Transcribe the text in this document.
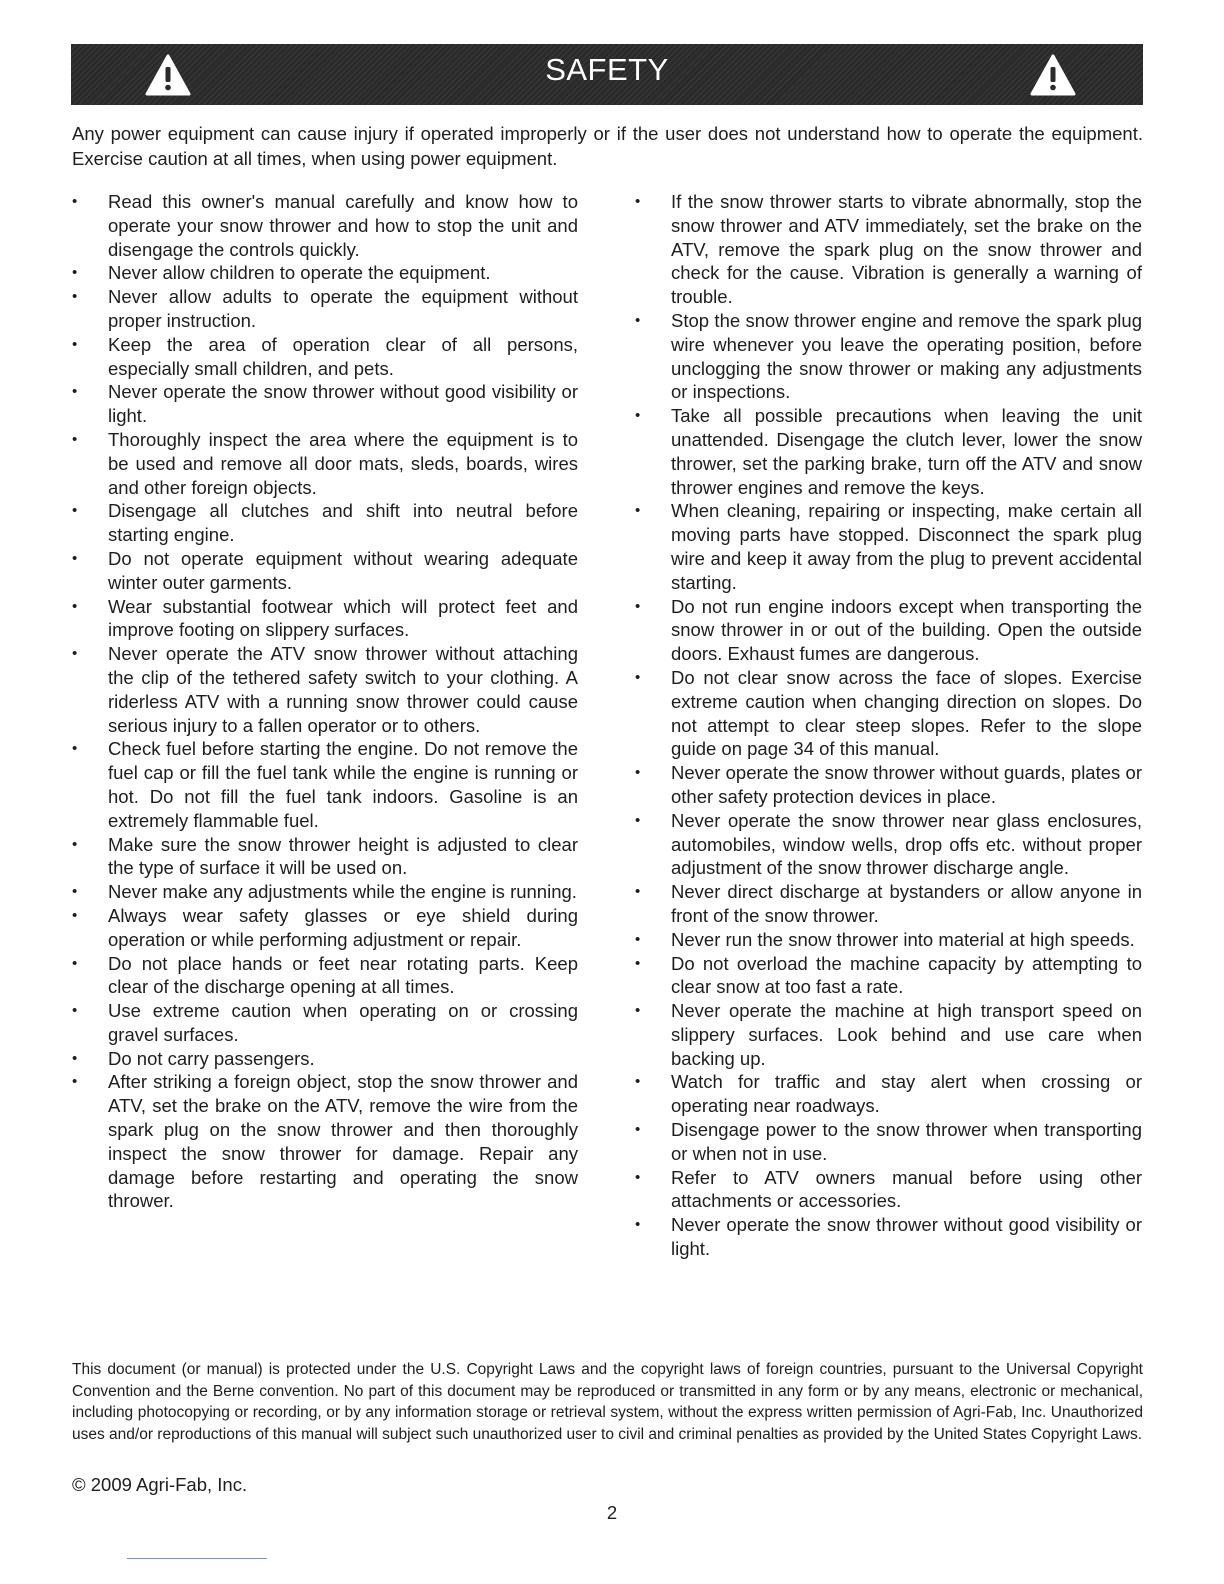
SAFETY

Any power equipment can cause injury if operated improperly or if the user does not understand how to operate the equipment. Exercise caution at all times, when using power equipment.

• Read this owner's manual carefully and know how to operate your snow thrower and how to stop the unit and disengage the controls quickly.
• Never allow children to operate the equipment.
• Never allow adults to operate the equipment without proper instruction.
• Keep the area of operation clear of all persons, especially small children, and pets.
• Never operate the snow thrower without good visibility or light.
• Thoroughly inspect the area where the equipment is to be used and remove all door mats, sleds, boards, wires and other foreign objects.
• Disengage all clutches and shift into neutral before starting engine.
• Do not operate equipment without wearing adequate winter outer garments.
• Wear substantial footwear which will protect feet and improve footing on slippery surfaces.
• Never operate the ATV snow thrower without attaching the clip of the tethered safety switch to your clothing. A riderless ATV with a running snow thrower could cause serious injury to a fallen operator or to others.
• Check fuel before starting the engine. Do not remove the fuel cap or fill the fuel tank while the engine is running or hot. Do not fill the fuel tank indoors. Gasoline is an extremely flammable fuel.
• Make sure the snow thrower height is adjusted to clear the type of surface it will be used on.
• Never make any adjustments while the engine is running.
• Always wear safety glasses or eye shield during operation or while performing adjustment or repair.
• Do not place hands or feet near rotating parts. Keep clear of the discharge opening at all times.
• Use extreme caution when operating on or crossing gravel surfaces.
• Do not carry passengers.
• After striking a foreign object, stop the snow thrower and ATV, set the brake on the ATV, remove the wire from the spark plug on the snow thrower and then thoroughly inspect the snow thrower for damage. Repair any damage before restarting and operating the snow thrower.
• If the snow thrower starts to vibrate abnormally, stop the snow thrower and ATV immediately, set the brake on the ATV, remove the spark plug on the snow thrower and check for the cause. Vibration is generally a warning of trouble.
• Stop the snow thrower engine and remove the spark plug wire whenever you leave the operating position, before unclogging the snow thrower or making any adjustments or inspections.
• Take all possible precautions when leaving the unit unattended. Disengage the clutch lever, lower the snow thrower, set the parking brake, turn off the ATV and snow thrower engines and remove the keys.
• When cleaning, repairing or inspecting, make certain all moving parts have stopped. Disconnect the spark plug wire and keep it away from the plug to prevent accidental starting.
• Do not run engine indoors except when transporting the snow thrower in or out of the building. Open the outside doors. Exhaust fumes are dangerous.
• Do not clear snow across the face of slopes. Exercise extreme caution when changing direction on slopes. Do not attempt to clear steep slopes. Refer to the slope guide on page 34 of this manual.
• Never operate the snow thrower without guards, plates or other safety protection devices in place.
• Never operate the snow thrower near glass enclosures, automobiles, window wells, drop offs etc. without proper adjustment of the snow thrower discharge angle.
• Never direct discharge at bystanders or allow anyone in front of the snow thrower.
• Never run the snow thrower into material at high speeds.
• Do not overload the machine capacity by attempting to clear snow at too fast a rate.
• Never operate the machine at high transport speed on slippery surfaces. Look behind and use care when backing up.
• Watch for traffic and stay alert when crossing or operating near roadways.
• Disengage power to the snow thrower when transporting or when not in use.
• Refer to ATV owners manual before using other attachments or accessories.
• Never operate the snow thrower without good visibility or light.

This document (or manual) is protected under the U.S. Copyright Laws and the copyright laws of foreign countries, pursuant to the Universal Copyright Convention and the Berne convention. No part of this document may be reproduced or transmitted in any form or by any means, electronic or mechanical, including photocopying or recording, or by any information storage or retrieval system, without the express written permission of Agri-Fab, Inc. Unauthorized uses and/or reproductions of this manual will subject such unauthorized user to civil and criminal penalties as provided by the United States Copyright Laws.

© 2009 Agri-Fab, Inc.

2
